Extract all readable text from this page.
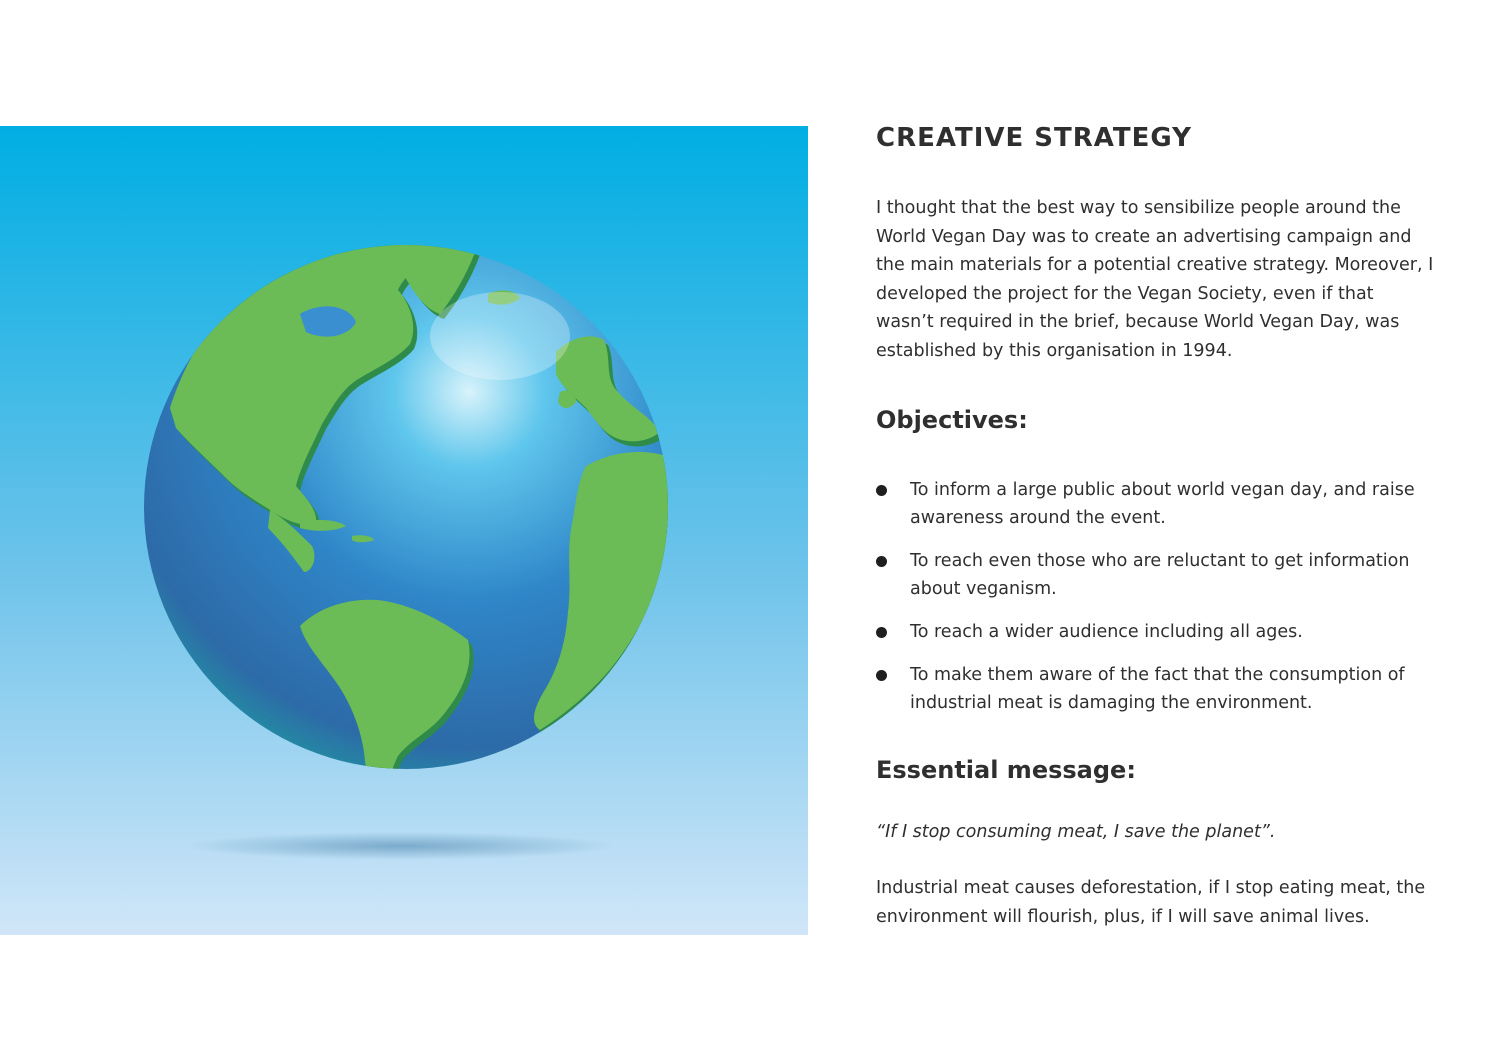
CREATIVE STRATEGY

I thought that the best way to sensibilize people around the World Vegan Day was to create an advertising campaign and the main materials for a potential creative strategy. Moreover, I developed the project for the Vegan Society, even if that wasn’t required in the brief, because World Vegan Day, was established by this organisation in 1994.

Objectives:
To inform a large public about world vegan day, and raise awareness around the event.
To reach even those who are reluctant to get information about veganism.
To reach a wider audience including all ages.
To make them aware of the fact that the consumption of industrial meat is damaging the environment.
Essential message:

“If I stop consuming meat, I save the planet”.

Industrial meat causes deforestation, if I stop eating meat, the environment will flourish, plus, if I will save animal lives.
